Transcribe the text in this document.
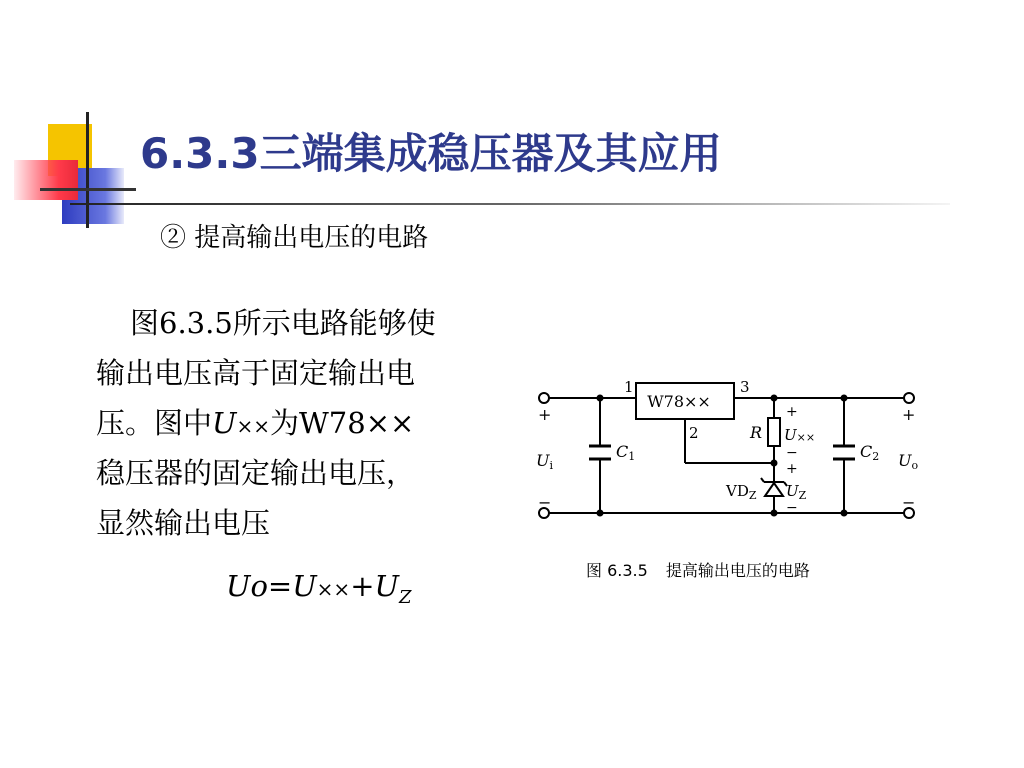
6.3.3三端集成稳压器及其应用
② 提高输出电压的电路
图6.3.5所示电路能够使
输出电压高于固定输出电
压。图中U××为W78××
稳压器的固定输出电压，
显然输出电压
$Uo=U\times\times+U_Z$
W78××
1	3
2
+
−
+
−
Ui	Uo
C1	C2
R
+
U××
−
+
$U_Z$
−
$VD_Z$
图 6.3.5 提高输出电压的电路
